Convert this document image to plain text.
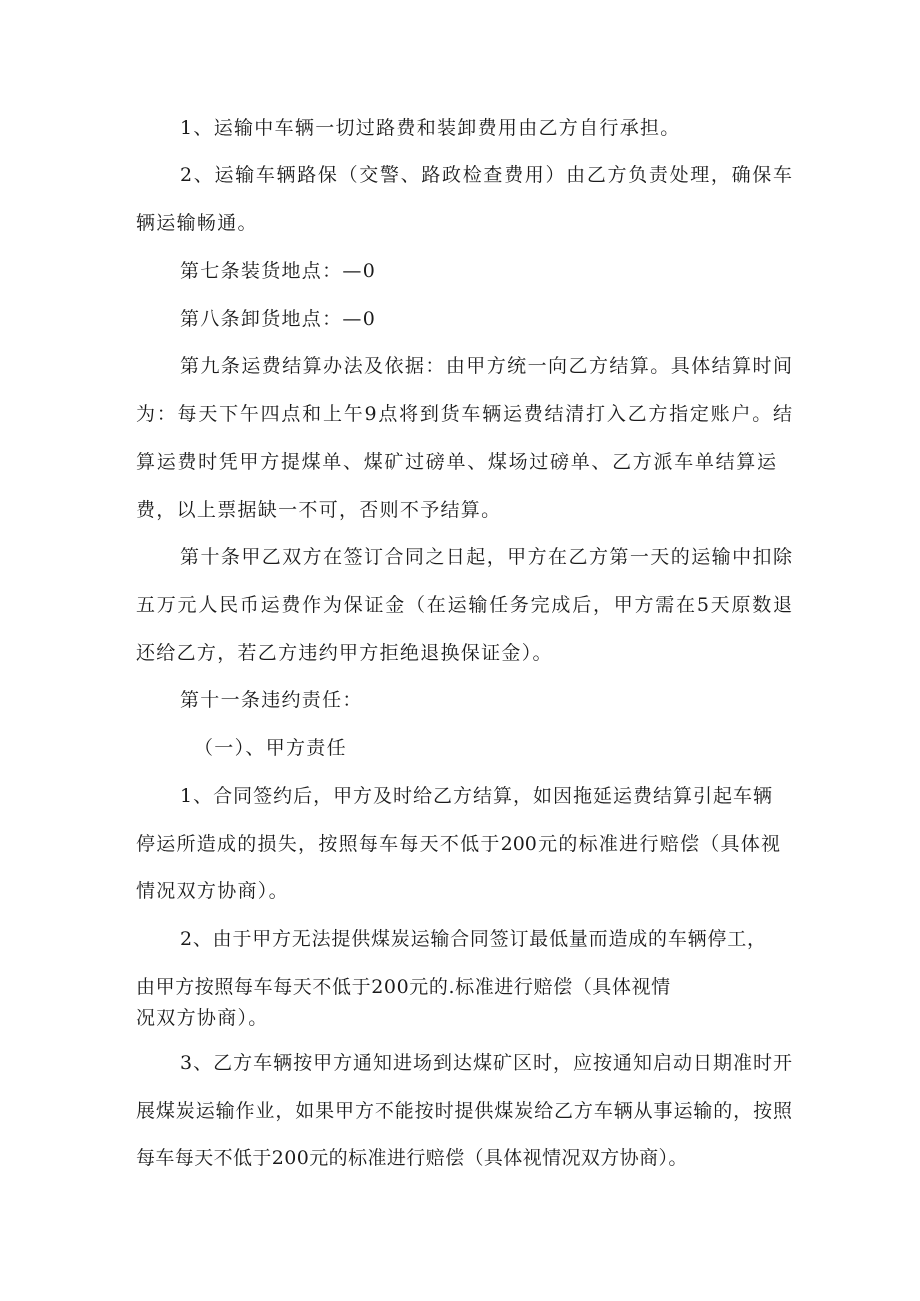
1、运输中车辆一切过路费和装卸费用由乙方自行承担。
2、运输车辆路保（交警、路政检查费用）由乙方负责处理，确保车
辆运输畅通。
第七条装货地点：—0
第八条卸货地点：—0
第九条运费结算办法及依据：由甲方统一向乙方结算。具体结算时间
为：每天下午四点和上午9点将到货车辆运费结清打入乙方指定账户。结
算运费时凭甲方提煤单、煤矿过磅单、煤场过磅单、乙方派车单结算运
费，以上票据缺一不可，否则不予结算。
第十条甲乙双方在签订合同之日起，甲方在乙方第一天的运输中扣除
五万元人民币运费作为保证金（在运输任务完成后，甲方需在5天原数退
还给乙方，若乙方违约甲方拒绝退换保证金）。
第十一条违约责任：
（一）、甲方责任
1、合同签约后，甲方及时给乙方结算，如因拖延运费结算引起车辆
停运所造成的损失，按照每车每天不低于200元的标准进行赔偿（具体视
情况双方协商）。
2、由于甲方无法提供煤炭运输合同签订最低量而造成的车辆停工，
由甲方按照每车每天不低于200元的.标准进行赔偿（具体视情
况双方协商）。
3、乙方车辆按甲方通知进场到达煤矿区时，应按通知启动日期准时开
展煤炭运输作业，如果甲方不能按时提供煤炭给乙方车辆从事运输的，按照
每车每天不低于200元的标准进行赔偿（具体视情况双方协商）。
